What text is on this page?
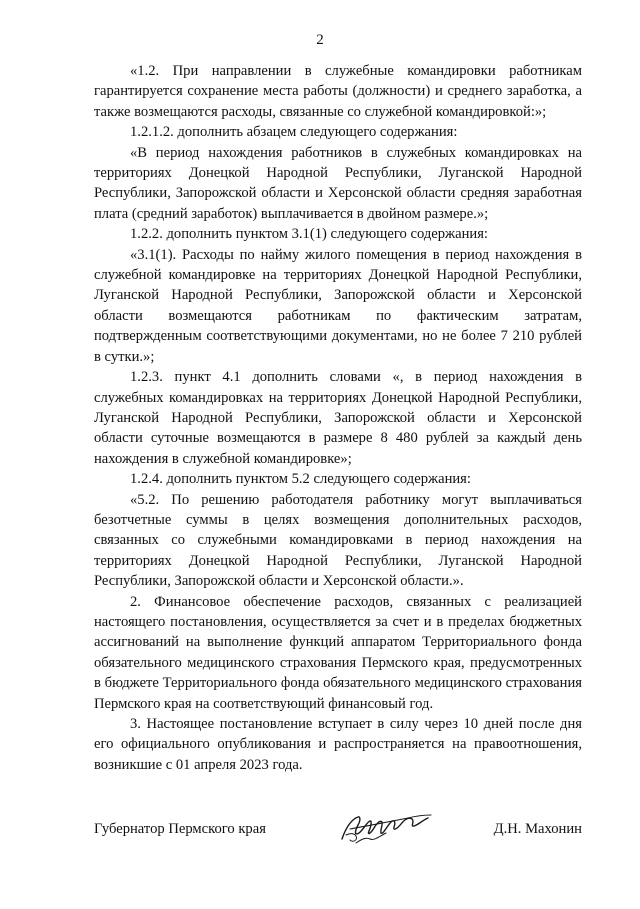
2

«1.2. При направлении в служебные командировки работникам гарантируется сохранение места работы (должности) и среднего заработка, а также возмещаются расходы, связанные со служебной командировкой:»;

1.2.1.2. дополнить абзацем следующего содержания:

«В период нахождения работников в служебных командировках на территориях Донецкой Народной Республики, Луганской Народной Республики, Запорожской области и Херсонской области средняя заработная плата (средний заработок) выплачивается в двойном размере.»;

1.2.2. дополнить пунктом 3.1(1) следующего содержания:

«3.1(1). Расходы по найму жилого помещения в период нахождения в служебной командировке на территориях Донецкой Народной Республики, Луганской Народной Республики, Запорожской области и Херсонской области возмещаются работникам по фактическим затратам, подтвержденным соответствующими документами, но не более 7 210 рублей в сутки.»;

1.2.3. пункт 4.1 дополнить словами «, в период нахождения в служебных командировках на территориях Донецкой Народной Республики, Луганской Народной Республики, Запорожской области и Херсонской области суточные возмещаются в размере 8 480 рублей за каждый день нахождения в служебной командировке»;

1.2.4. дополнить пунктом 5.2 следующего содержания:

«5.2. По решению работодателя работнику могут выплачиваться безотчетные суммы в целях возмещения дополнительных расходов, связанных со служебными командировками в период нахождения на территориях Донецкой Народной Республики, Луганской Народной Республики, Запорожской области и Херсонской области.».

2. Финансовое обеспечение расходов, связанных с реализацией настоящего постановления, осуществляется за счет и в пределах бюджетных ассигнований на выполнение функций аппаратом Территориального фонда обязательного медицинского страхования Пермского края, предусмотренных в бюджете Территориального фонда обязательного медицинского страхования Пермского края на соответствующий финансовый год.

3. Настоящее постановление вступает в силу через 10 дней после дня его официального опубликования и распространяется на правоотношения, возникшие с 01 апреля 2023 года.

Губернатор Пермского края	Д.Н. Махонин
